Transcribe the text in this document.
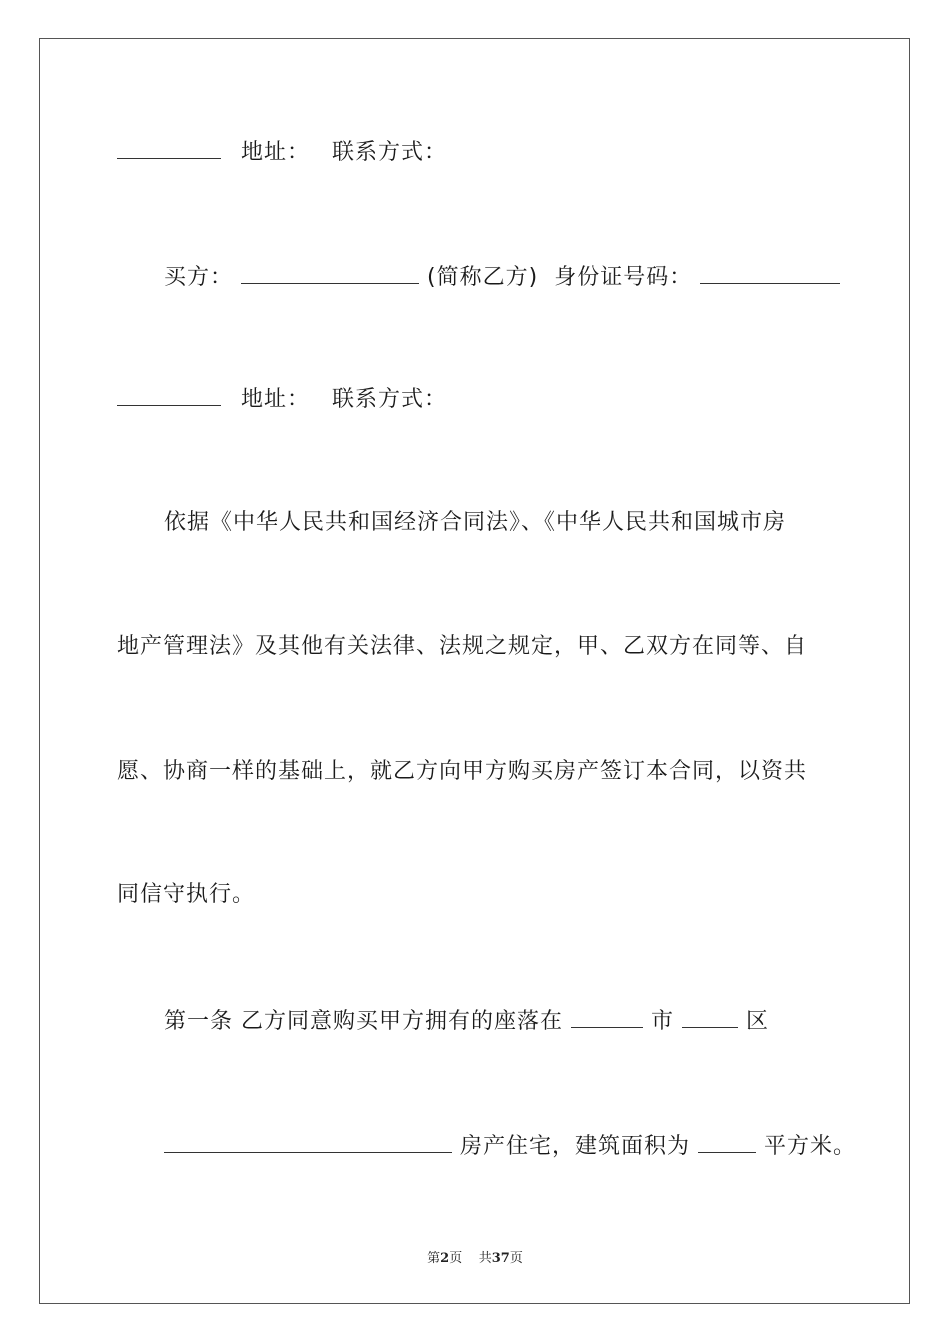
地址： 联系方式：
买方：	(简称乙方) 身份证号码：
地址： 联系方式：
依据《中华人民共和国经济合同法》、《中华人民共和国城市房
地产管理法》及其他有关法律、法规之规定，甲、乙双方在同等、自
愿、协商一样的基础上，就乙方向甲方购买房产签订本合同，以资共
同信守执行。
第一条 乙方同意购买甲方拥有的座落在	市	区
房产住宅，建筑面积为	平方米。
第2页 共37页
